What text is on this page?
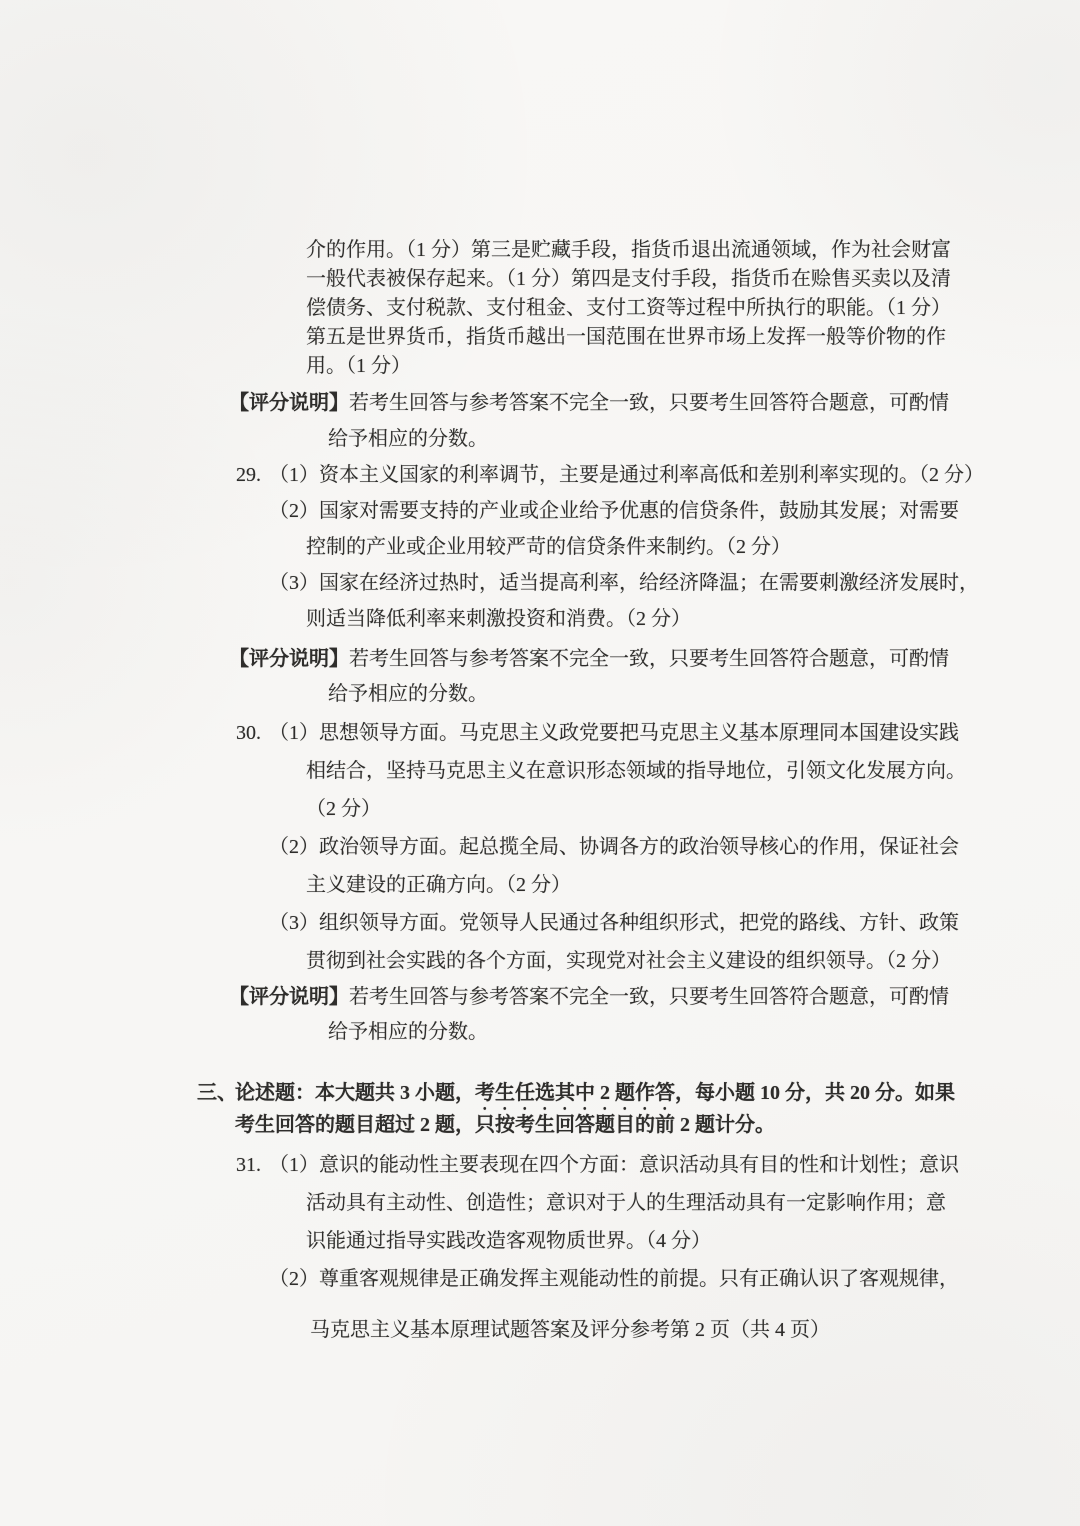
介的作用。（1 分）第三是贮藏手段，指货币退出流通领域，作为社会财富
一般代表被保存起来。（1 分）第四是支付手段，指货币在赊售买卖以及清
偿债务、支付税款、支付租金、支付工资等过程中所执行的职能。（1 分）
第五是世界货币，指货币越出一国范围在世界市场上发挥一般等价物的作
用。（1 分）
【评分说明】若考生回答与参考答案不完全一致，只要考生回答符合题意，可酌情
给予相应的分数。
29. （1）资本主义国家的利率调节，主要是通过利率高低和差别利率实现的。（2 分）
（2）国家对需要支持的产业或企业给予优惠的信贷条件，鼓励其发展；对需要
控制的产业或企业用较严苛的信贷条件来制约。（2 分）
（3）国家在经济过热时，适当提高利率，给经济降温；在需要刺激经济发展时，
则适当降低利率来刺激投资和消费。（2 分）
【评分说明】若考生回答与参考答案不完全一致，只要考生回答符合题意，可酌情
给予相应的分数。
30. （1）思想领导方面。马克思主义政党要把马克思主义基本原理同本国建设实践
相结合，坚持马克思主义在意识形态领域的指导地位，引领文化发展方向。
（2 分）
（2）政治领导方面。起总揽全局、协调各方的政治领导核心的作用，保证社会
主义建设的正确方向。（2 分）
（3）组织领导方面。党领导人民通过各种组织形式，把党的路线、方针、政策
贯彻到社会实践的各个方面，实现党对社会主义建设的组织领导。（2 分）
【评分说明】若考生回答与参考答案不完全一致，只要考生回答符合题意，可酌情
给予相应的分数。
三、论述题：本大题共 3 小题，考生任选其中 2 题作答，每小题 10 分，共 20 分。如果
考生回答的题目超过 2 题，只按考生回答题目的前 2 题计分。
31. （1）意识的能动性主要表现在四个方面：意识活动具有目的性和计划性；意识
活动具有主动性、创造性；意识对于人的生理活动具有一定影响作用；意
识能通过指导实践改造客观物质世界。（4 分）
（2）尊重客观规律是正确发挥主观能动性的前提。只有正确认识了客观规律，
马克思主义基本原理试题答案及评分参考第 2 页（共 4 页）
